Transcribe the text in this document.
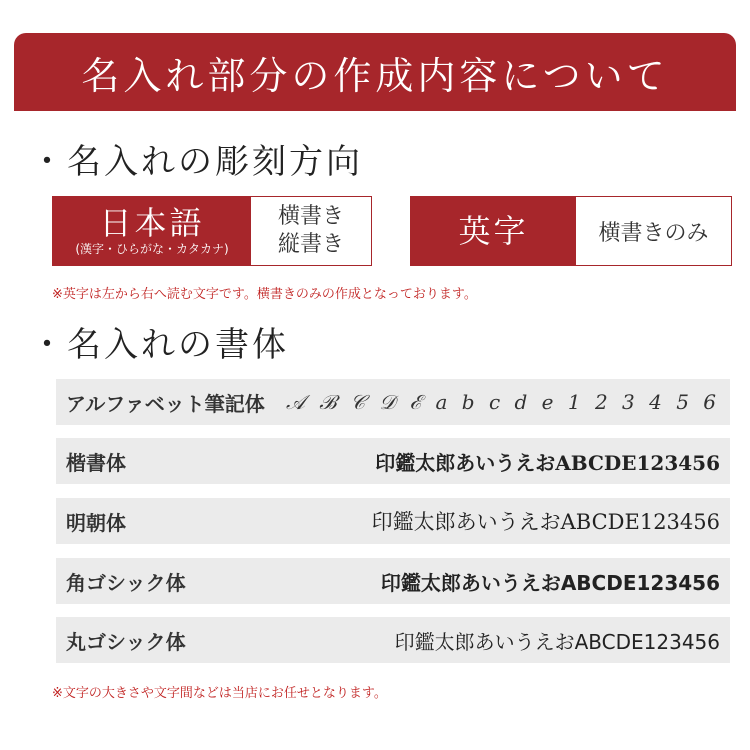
名入れ部分の作成内容について
・名入れの彫刻方向
日本語
(漢字・ひらがな・カタカナ)
横書き
縦書き	英字	横書きのみ
※英字は左から右へ読む文字です。横書きのみの作成となっております。
・名入れの書体
アルファベット筆記体 𝒜 ℬ 𝒞 𝒟 ℰ a b c d e 1 2 3 4 5 6
楷書体	印鑑太郎あいうえおABCDE123456
明朝体	印鑑太郎あいうえおABCDE123456
角ゴシック体	印鑑太郎あいうえおABCDE123456
丸ゴシック体	印鑑太郎あいうえおABCDE123456
※文字の大きさや文字間などは当店にお任せとなります。
